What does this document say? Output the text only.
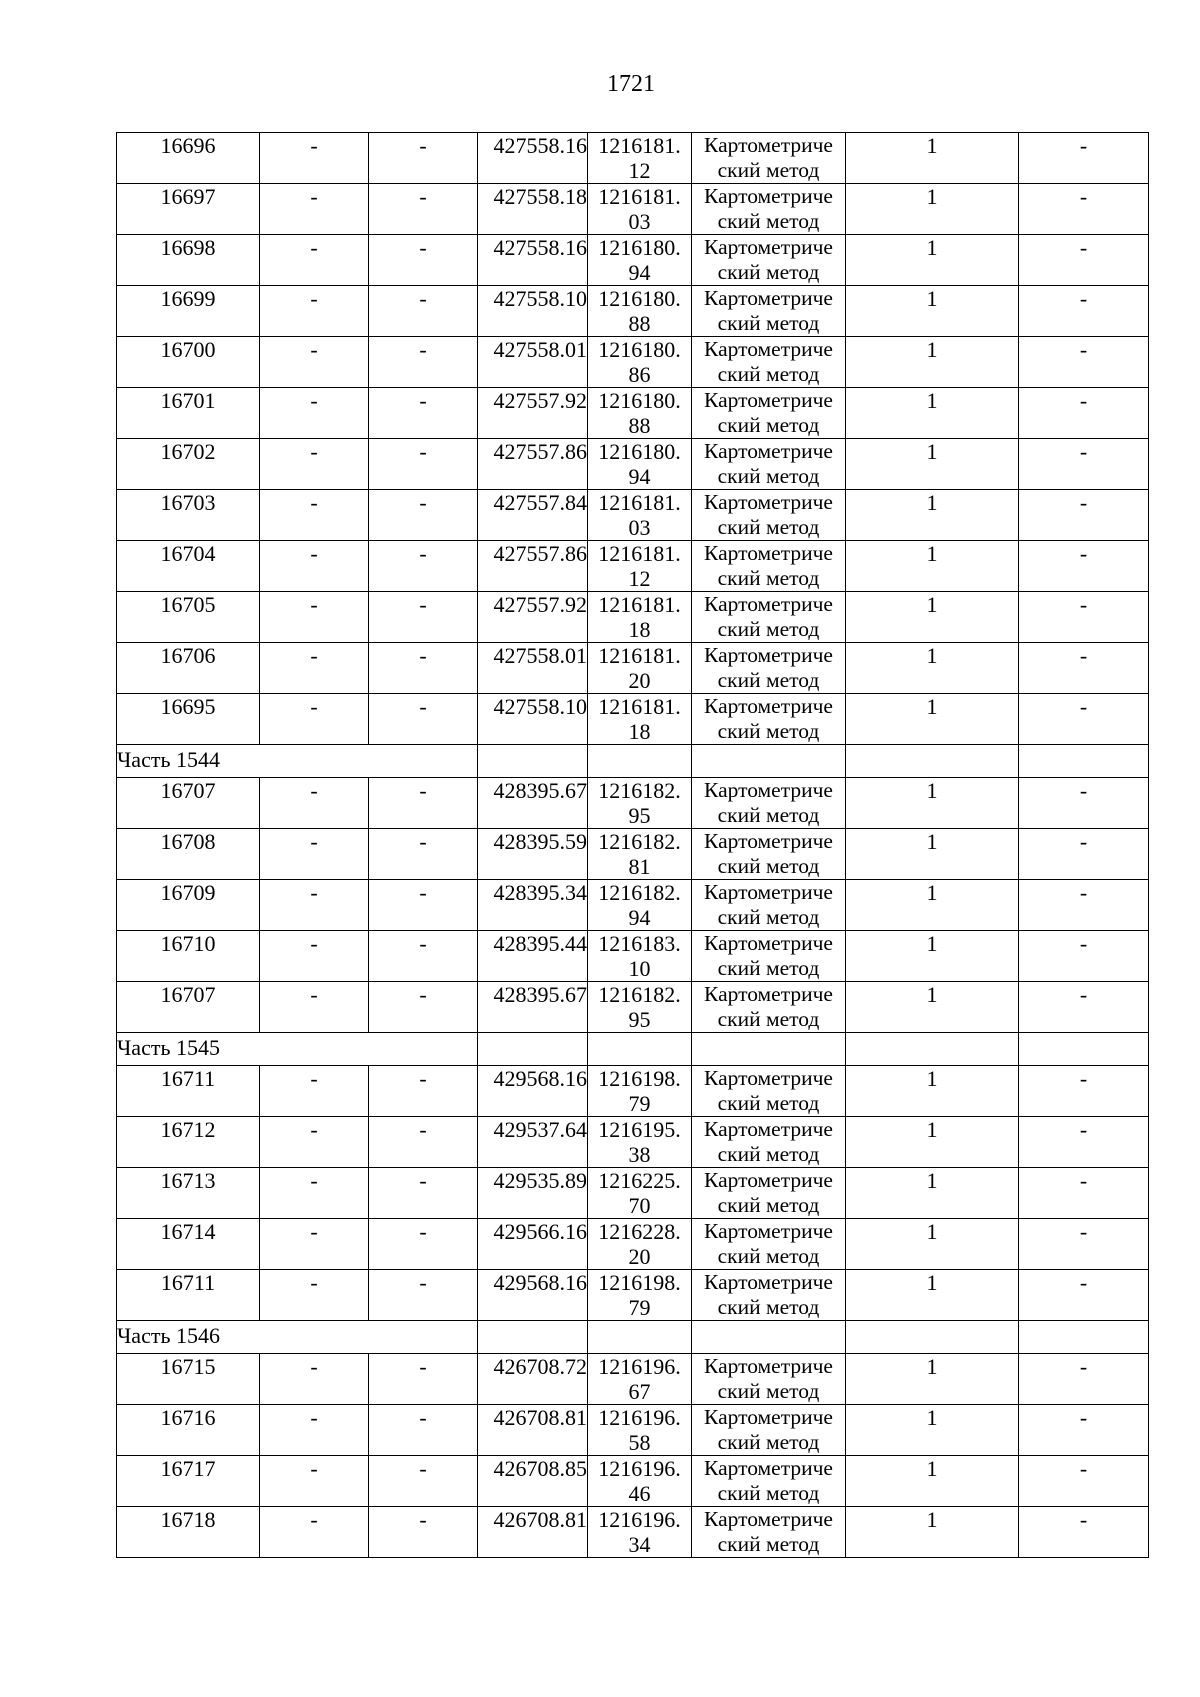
1721
16696	-	-	427558.16	1216181.
12	Картометриче
ский метод	1	-

16697	-	-	427558.18	1216181.
03	Картометриче
ский метод	1	-

16698	-	-	427558.16	1216180.
94	Картометриче
ский метод	1	-

16699	-	-	427558.10	1216180.
88	Картометриче
ский метод	1	-

16700	-	-	427558.01	1216180.
86	Картометриче
ский метод	1	-

16701	-	-	427557.92	1216180.
88	Картометриче
ский метод	1	-

16702	-	-	427557.86	1216180.
94	Картометриче
ский метод	1	-

16703	-	-	427557.84	1216181.
03	Картометриче
ский метод	1	-

16704	-	-	427557.86	1216181.
12	Картометриче
ский метод	1	-

16705	-	-	427557.92	1216181.
18	Картометриче
ский метод	1	-

16706	-	-	427558.01	1216181.
20	Картометриче
ский метод	1	-

16695	-	-	427558.10	1216181.
18	Картометриче
ский метод	1	-

Часть 1544							

16707	-	-	428395.67	1216182.
95	Картометриче
ский метод	1	-

16708	-	-	428395.59	1216182.
81	Картометриче
ский метод	1	-

16709	-	-	428395.34	1216182.
94	Картометриче
ский метод	1	-

16710	-	-	428395.44	1216183.
10	Картометриче
ский метод	1	-

16707	-	-	428395.67	1216182.
95	Картометриче
ский метод	1	-

Часть 1545							

16711	-	-	429568.16	1216198.
79	Картометриче
ский метод	1	-

16712	-	-	429537.64	1216195.
38	Картометриче
ский метод	1	-

16713	-	-	429535.89	1216225.
70	Картометриче
ский метод	1	-

16714	-	-	429566.16	1216228.
20	Картометриче
ский метод	1	-

16711	-	-	429568.16	1216198.
79	Картометриче
ский метод	1	-

Часть 1546							

16715	-	-	426708.72	1216196.
67	Картометриче
ский метод	1	-

16716	-	-	426708.81	1216196.
58	Картометриче
ский метод	1	-

16717	-	-	426708.85	1216196.
46	Картометриче
ский метод	1	-

16718	-	-	426708.81	1216196.
34	Картометриче
ский метод	1	-
